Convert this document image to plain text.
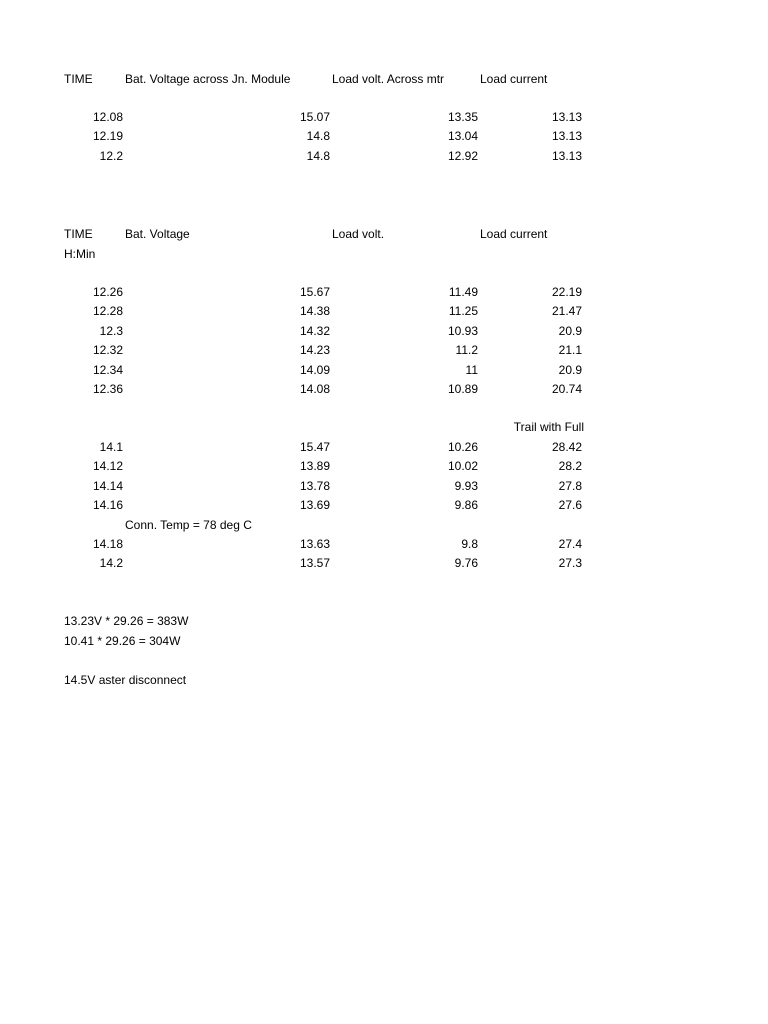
TIME	Bat. Voltage across Jn. Module	Load volt. Across mtr	Load current
TIME	Bat. Voltage	Load volt.	Load current
H:Min
Trail with Full
Conn. Temp = 78 deg C
13.23V * 29.26 = 383W
10.41 * 29.26 = 304W
14.5V aster disconnect
12.08	15.07	13.35	13.13
12.19	14.8	13.04	13.13
12.2	14.8	12.92	13.13
12.26	15.67	11.49	22.19
12.28	14.38	11.25	21.47
12.3	14.32	10.93	20.9
12.32	14.23	11.2	21.1
12.34	14.09	11	20.9
12.36	14.08	10.89	20.74
14.1	15.47	10.26	28.42
14.12	13.89	10.02	28.2
14.14	13.78	9.93	27.8
14.16	13.69	9.86	27.6
14.18	13.63	9.8	27.4
14.2	13.57	9.76	27.3
